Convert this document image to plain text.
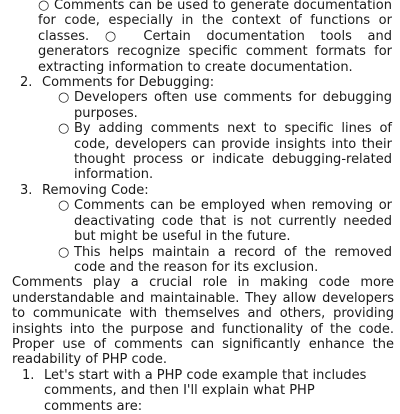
○ Comments can be used to generate documentation for code, especially in the context of functions or classes. ○ Certain documentation tools and generators recognize specific comment formats for extracting information to create documentation.
2. Comments for Debugging:
○ Developers often use comments for debugging purposes.
○ By adding comments next to specific lines of code, developers can provide insights into their thought process or indicate debugging-related information.
3. Removing Code:
○ Comments can be employed when removing or deactivating code that is not currently needed but might be useful in the future.
○ This helps maintain a record of the removed code and the reason for its exclusion.
Comments play a crucial role in making code more understandable and maintainable. They allow developers to communicate with themselves and others, providing insights into the purpose and functionality of the code. Proper use of comments can significantly enhance the readability of PHP code.
1. Let's start with a PHP code example that includes comments, and then I'll explain what PHP comments are:
